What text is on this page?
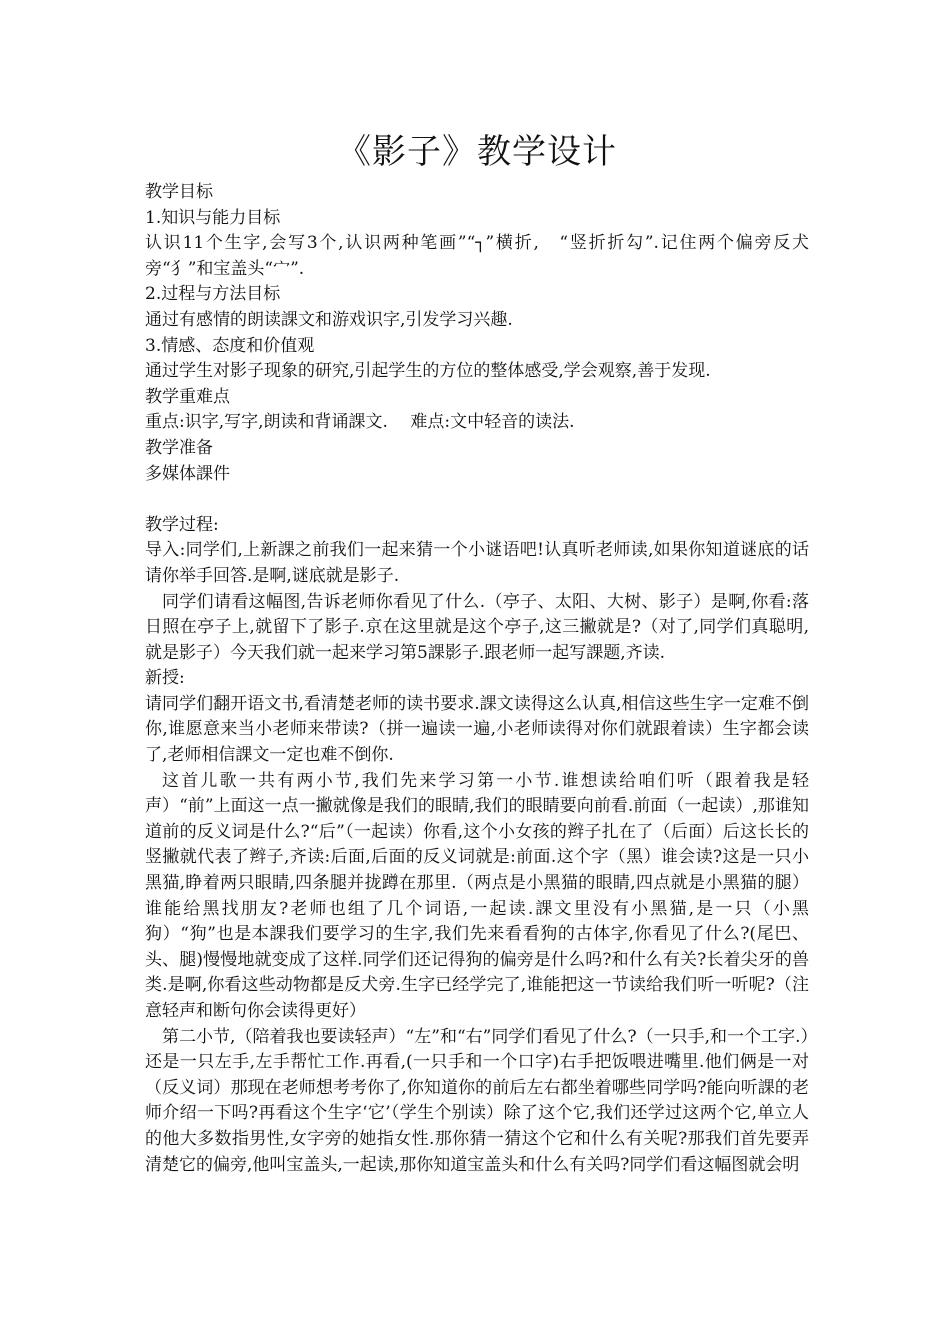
《影子》教学设计

教学目标

1.知识与能力目标

认识11个生字,会写3个,认识两种笔画”“┐”横折,　“竖折折勾”.记住两个偏旁反犬旁“犭”和宝盖头“宀”.

2.过程与方法目标

通过有感情的朗读課文和游戏识字,引发学习兴趣.

3.情感、态度和价值观

通过学生对影子现象的研究,引起学生的方位的整体感受,学会观察,善于发现.

教学重难点

重点:识字,写字,朗读和背诵課文.　 难点:文中轻音的读法.

教学准备

多媒体課件

教学过程:

导入:同学们,上新課之前我们一起来猜一个小谜语吧!认真听老师读,如果你知道谜底的话请你举手回答.是啊,谜底就是影子.

同学们请看这幅图,告诉老师你看见了什么.（亭子、太阳、大树、影子）是啊,你看:落日照在亭子上,就留下了影子.京在这里就是这个亭子,这三撇就是?（对了,同学们真聪明,就是影子）今天我们就一起来学习第5課影子.跟老师一起写課题,齐读.

新授:

请同学们翻开语文书,看清楚老师的读书要求.課文读得这么认真,相信这些生字一定难不倒你,谁愿意来当小老师来带读?（拼一遍读一遍,小老师读得对你们就跟着读）生字都会读了,老师相信課文一定也难不倒你.

这首儿歌一共有两小节,我们先来学习第一小节.谁想读给咱们听（跟着我是轻声）“前”上面这一点一撇就像是我们的眼睛,我们的眼睛要向前看.前面（一起读）,那谁知道前的反义词是什么?“后”（一起读）你看,这个小女孩的辫子扎在了（后面）后这长长的竖撇就代表了辫子,齐读:后面,后面的反义词就是:前面.这个字（黑）谁会读?这是一只小黑猫,睁着两只眼睛,四条腿并拢蹲在那里.（两点是小黑猫的眼睛,四点就是小黑猫的腿）谁能给黑找朋友?老师也组了几个词语,一起读.課文里没有小黑猫,是一只（小黑狗）“狗”也是本課我们要学习的生字,我们先来看看狗的古体字,你看见了什么?(尾巴、头、腿)慢慢地就变成了这样.同学们还记得狗的偏旁是什么吗?和什么有关?长着尖牙的兽类.是啊,你看这些动物都是反犬旁.生字已经学完了,谁能把这一节读给我们听一听呢?（注意轻声和断句你会读得更好）

第二小节,（陪着我也要读轻声）“左”和“右”同学们看见了什么?（一只手,和一个工字.）还是一只左手,左手帮忙工作.再看,(一只手和一个口字)右手把饭喂进嘴里.他们俩是一对（反义词）那现在老师想考考你了,你知道你的前后左右都坐着哪些同学吗?能向听課的老师介绍一下吗?再看这个生字‘它’（学生个别读）除了这个它,我们还学过这两个它,单立人的他大多数指男性,女字旁的她指女性.那你猜一猜这个它和什么有关呢?那我们首先要弄清楚它的偏旁,他叫宝盖头,一起读,那你知道宝盖头和什么有关吗?同学们看这幅图就会明
